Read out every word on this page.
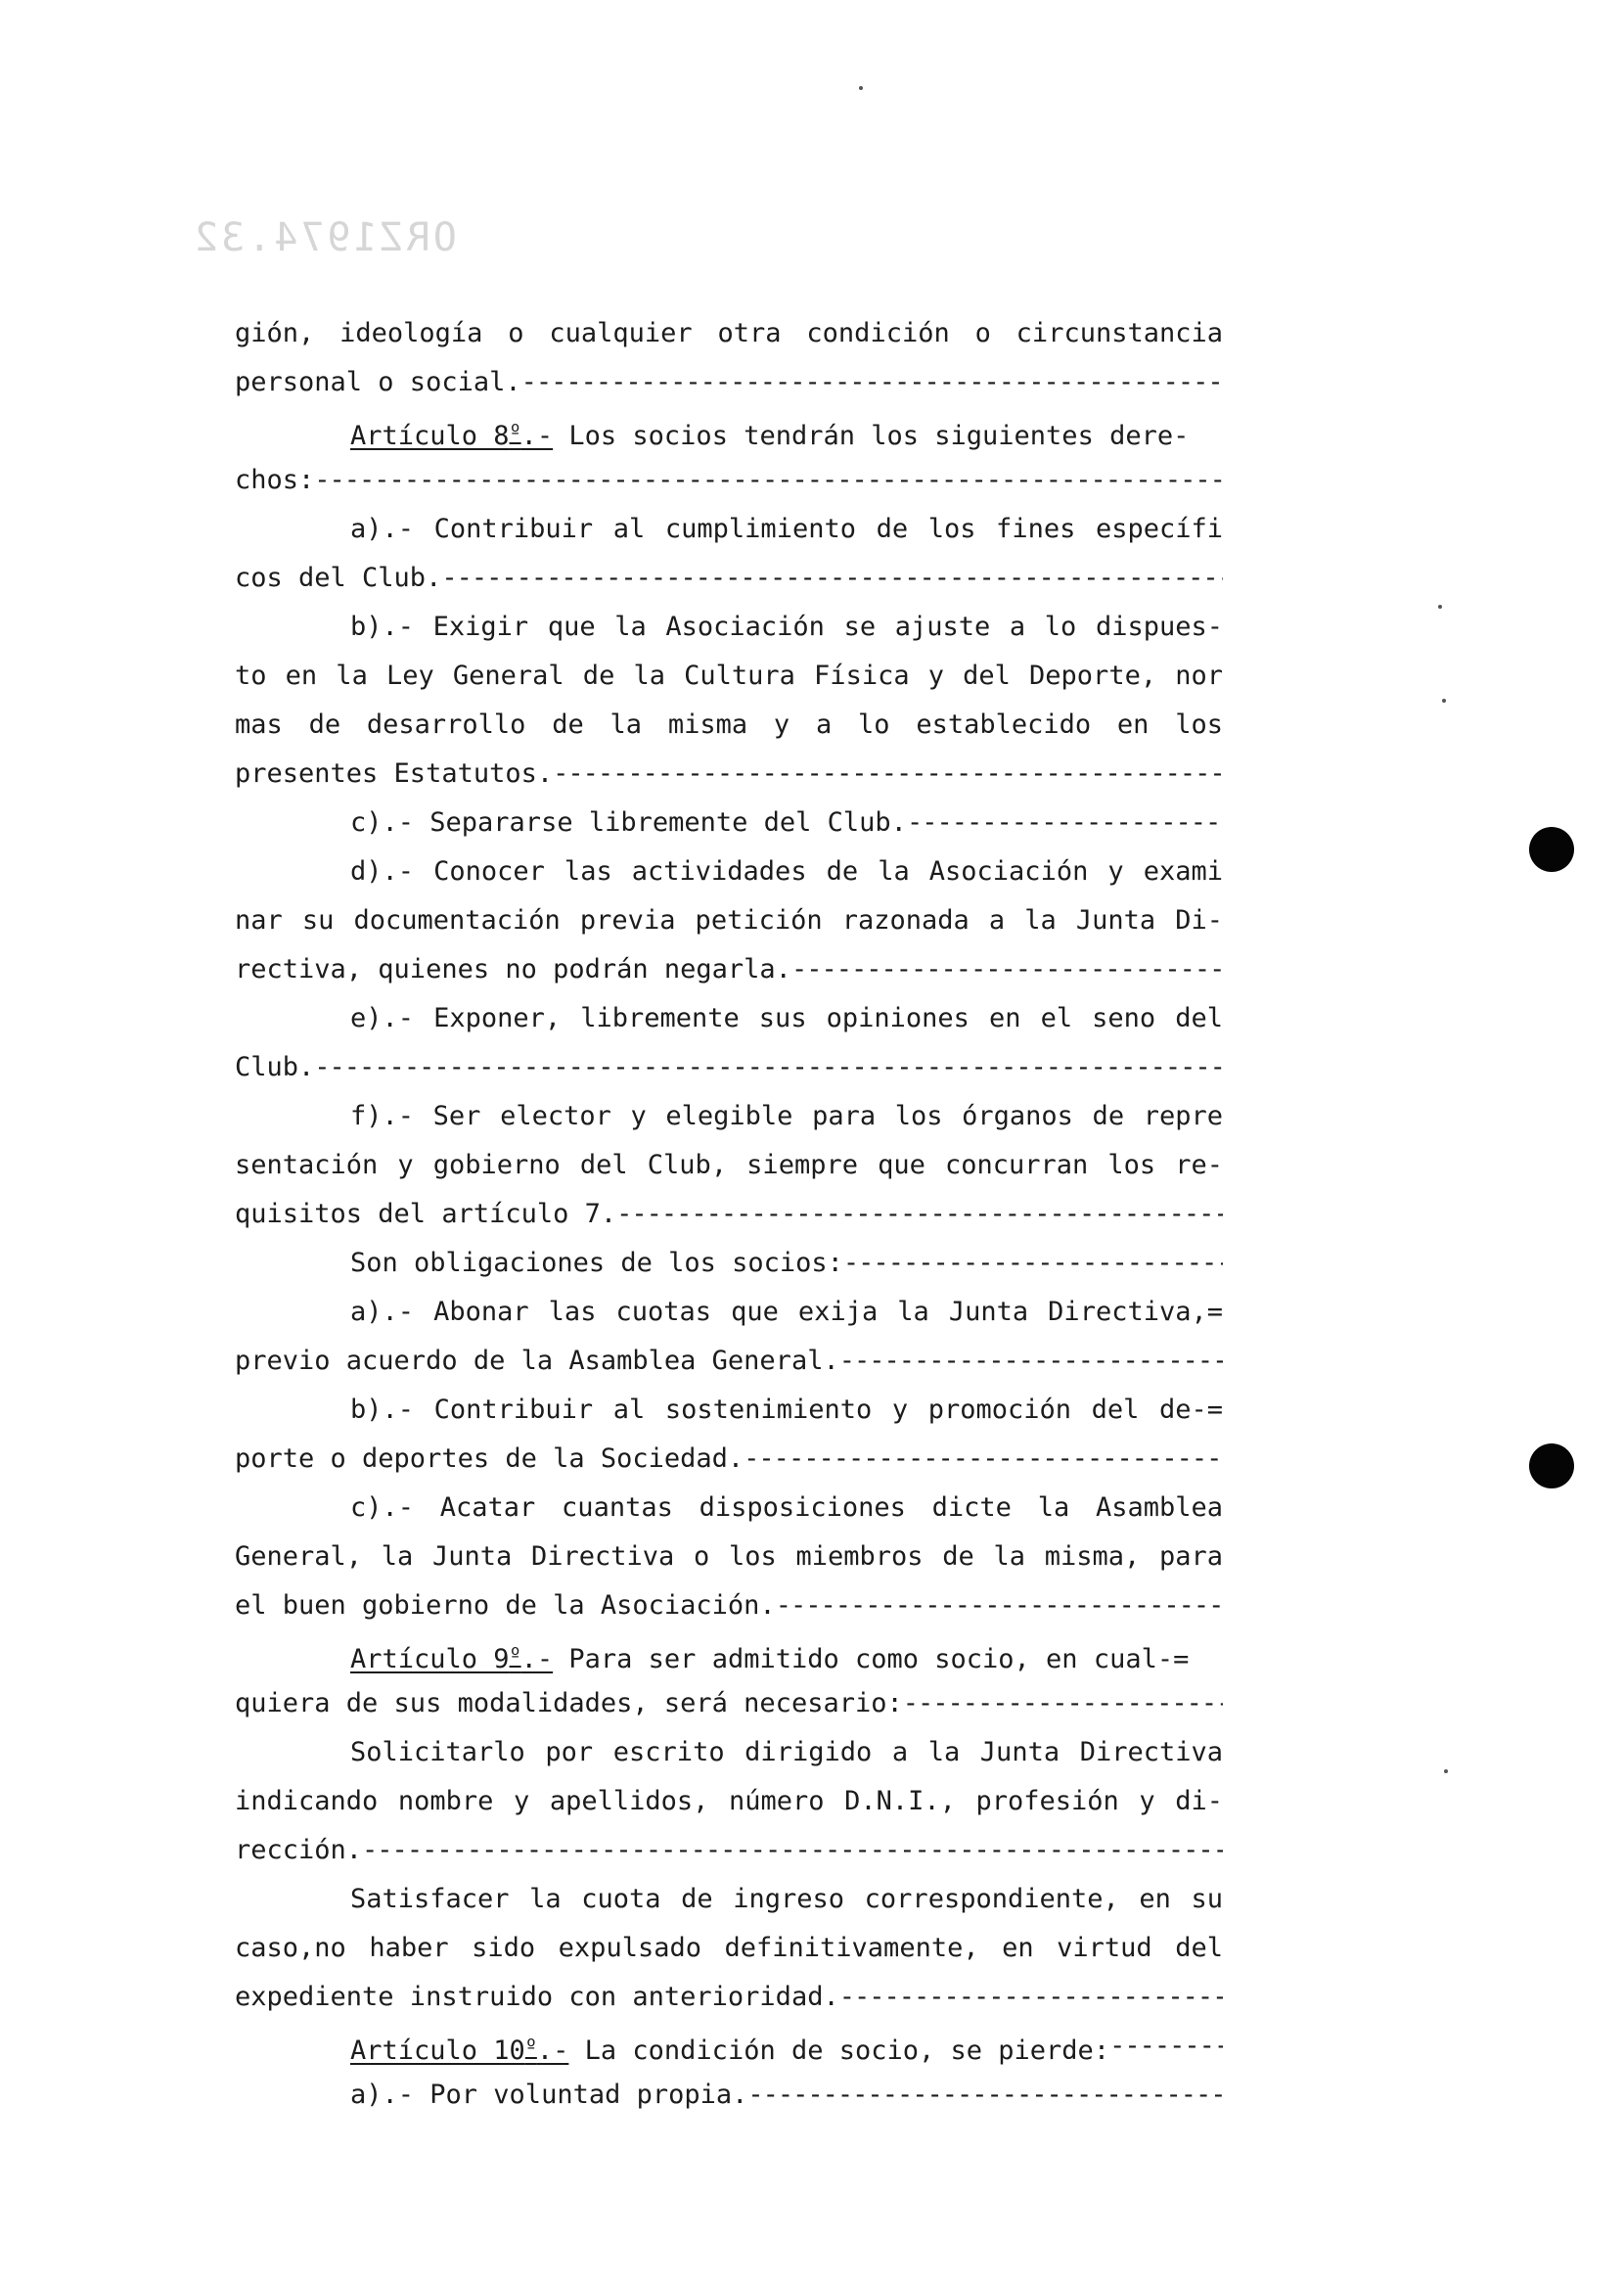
ORZ1974.32
gión, ideología o cualquier otra condición o circunstancia
personal o social.
-----
Artículo $8^º.-$ Los socios tendrán los siguientes dere-
chos:
-----
a).- Contribuir al cumplimiento de los fines específi
cos del Club.
-----
b).- Exigir que la Asociación se ajuste a lo dispues-
to en la Ley General de la Cultura Física y del Deporte, nor
mas de desarrollo de la misma y a lo establecido en los
presentes Estatutos.
-----
c).- Separarse libremente del Club.
-----
d).- Conocer las actividades de la Asociación y exami
nar su documentación previa petición razonada a la Junta Di-
rectiva, quienes no podrán negarla.
-----
e).- Exponer, libremente sus opiniones en el seno del
Club.
-----
f).- Ser elector y elegible para los órganos de repre
sentación y gobierno del Club, siempre que concurran los re-
quisitos del artículo 7.
-----
Son obligaciones de los socios:
-----
a).- Abonar las cuotas que exija la Junta Directiva,=
previo acuerdo de la Asamblea General.
-----
b).- Contribuir al sostenimiento y promoción del de-=
porte o deportes de la Sociedad.
-----
c).- Acatar cuantas disposiciones dicte la Asamblea
General, la Junta Directiva o los miembros de la misma, para
el buen gobierno de la Asociación.
-----
Artículo $9^º.-$ Para ser admitido como socio, en cual-=
quiera de sus modalidades, será necesario:
-----
Solicitarlo por escrito dirigido a la Junta Directiva
indicando nombre y apellidos, número D.N.I., profesión y di-
rección.
-----
Satisfacer la cuota de ingreso correspondiente, en su
caso,no haber sido expulsado definitivamente, en virtud del
expediente instruido con anterioridad.
-----
Artículo $10^º.-$ La condición de socio, se pierde:
-----
a).- Por voluntad propia.
-----
